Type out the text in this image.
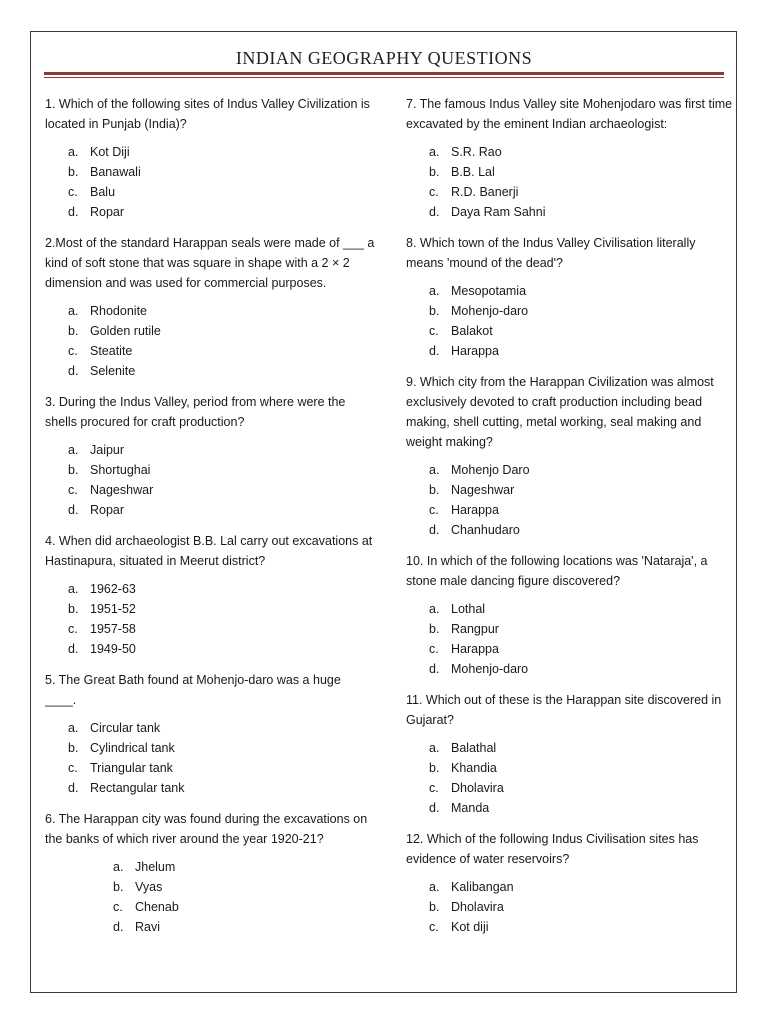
INDIAN GEOGRAPHY QUESTIONS

1. Which of the following sites of Indus Valley Civilization is located in Punjab (India)?

a. Kot Diji
b. Banawali
c. Balu
d. Ropar

2.Most of the standard Harappan seals were made of ___ a kind of soft stone that was square in shape with a 2 × 2 dimension and was used for commercial purposes.

a. Rhodonite
b. Golden rutile
c. Steatite
d. Selenite

3. During the Indus Valley, period from where were the shells procured for craft production?

a. Jaipur
b. Shortughai
c. Nageshwar
d. Ropar

4. When did archaeologist B.B. Lal carry out excavations at Hastinapura, situated in Meerut district?

a. 1962-63
b. 1951-52
c. 1957-58
d. 1949-50

5. The Great Bath found at Mohenjo-daro was a huge ____.

a. Circular tank
b. Cylindrical tank
c. Triangular tank
d. Rectangular tank

6. The Harappan city was found during the excavations on the banks of which river around the year 1920-21?

a. Jhelum
b. Vyas
c. Chenab
d. Ravi

7. The famous Indus Valley site Mohenjodaro was first time excavated by the eminent Indian archaeologist:

a. S.R. Rao
b. B.B. Lal
c. R.D. Banerji
d. Daya Ram Sahni

8. Which town of the Indus Valley Civilisation literally means 'mound of the dead'?

a. Mesopotamia
b. Mohenjo-daro
c. Balakot
d. Harappa

9. Which city from the Harappan Civilization was almost exclusively devoted to craft production including bead making, shell cutting, metal working, seal making and weight making?

a. Mohenjo Daro
b. Nageshwar
c. Harappa
d. Chanhudaro

10. In which of the following locations was 'Nataraja', a stone male dancing figure discovered?

a. Lothal
b. Rangpur
c. Harappa
d. Mohenjo-daro

11. Which out of these is the Harappan site discovered in Gujarat?

a. Balathal
b. Khandia
c. Dholavira
d. Manda

12. Which of the following Indus Civilisation sites has evidence of water reservoirs?

a. Kalibangan
b. Dholavira
c. Kot diji
